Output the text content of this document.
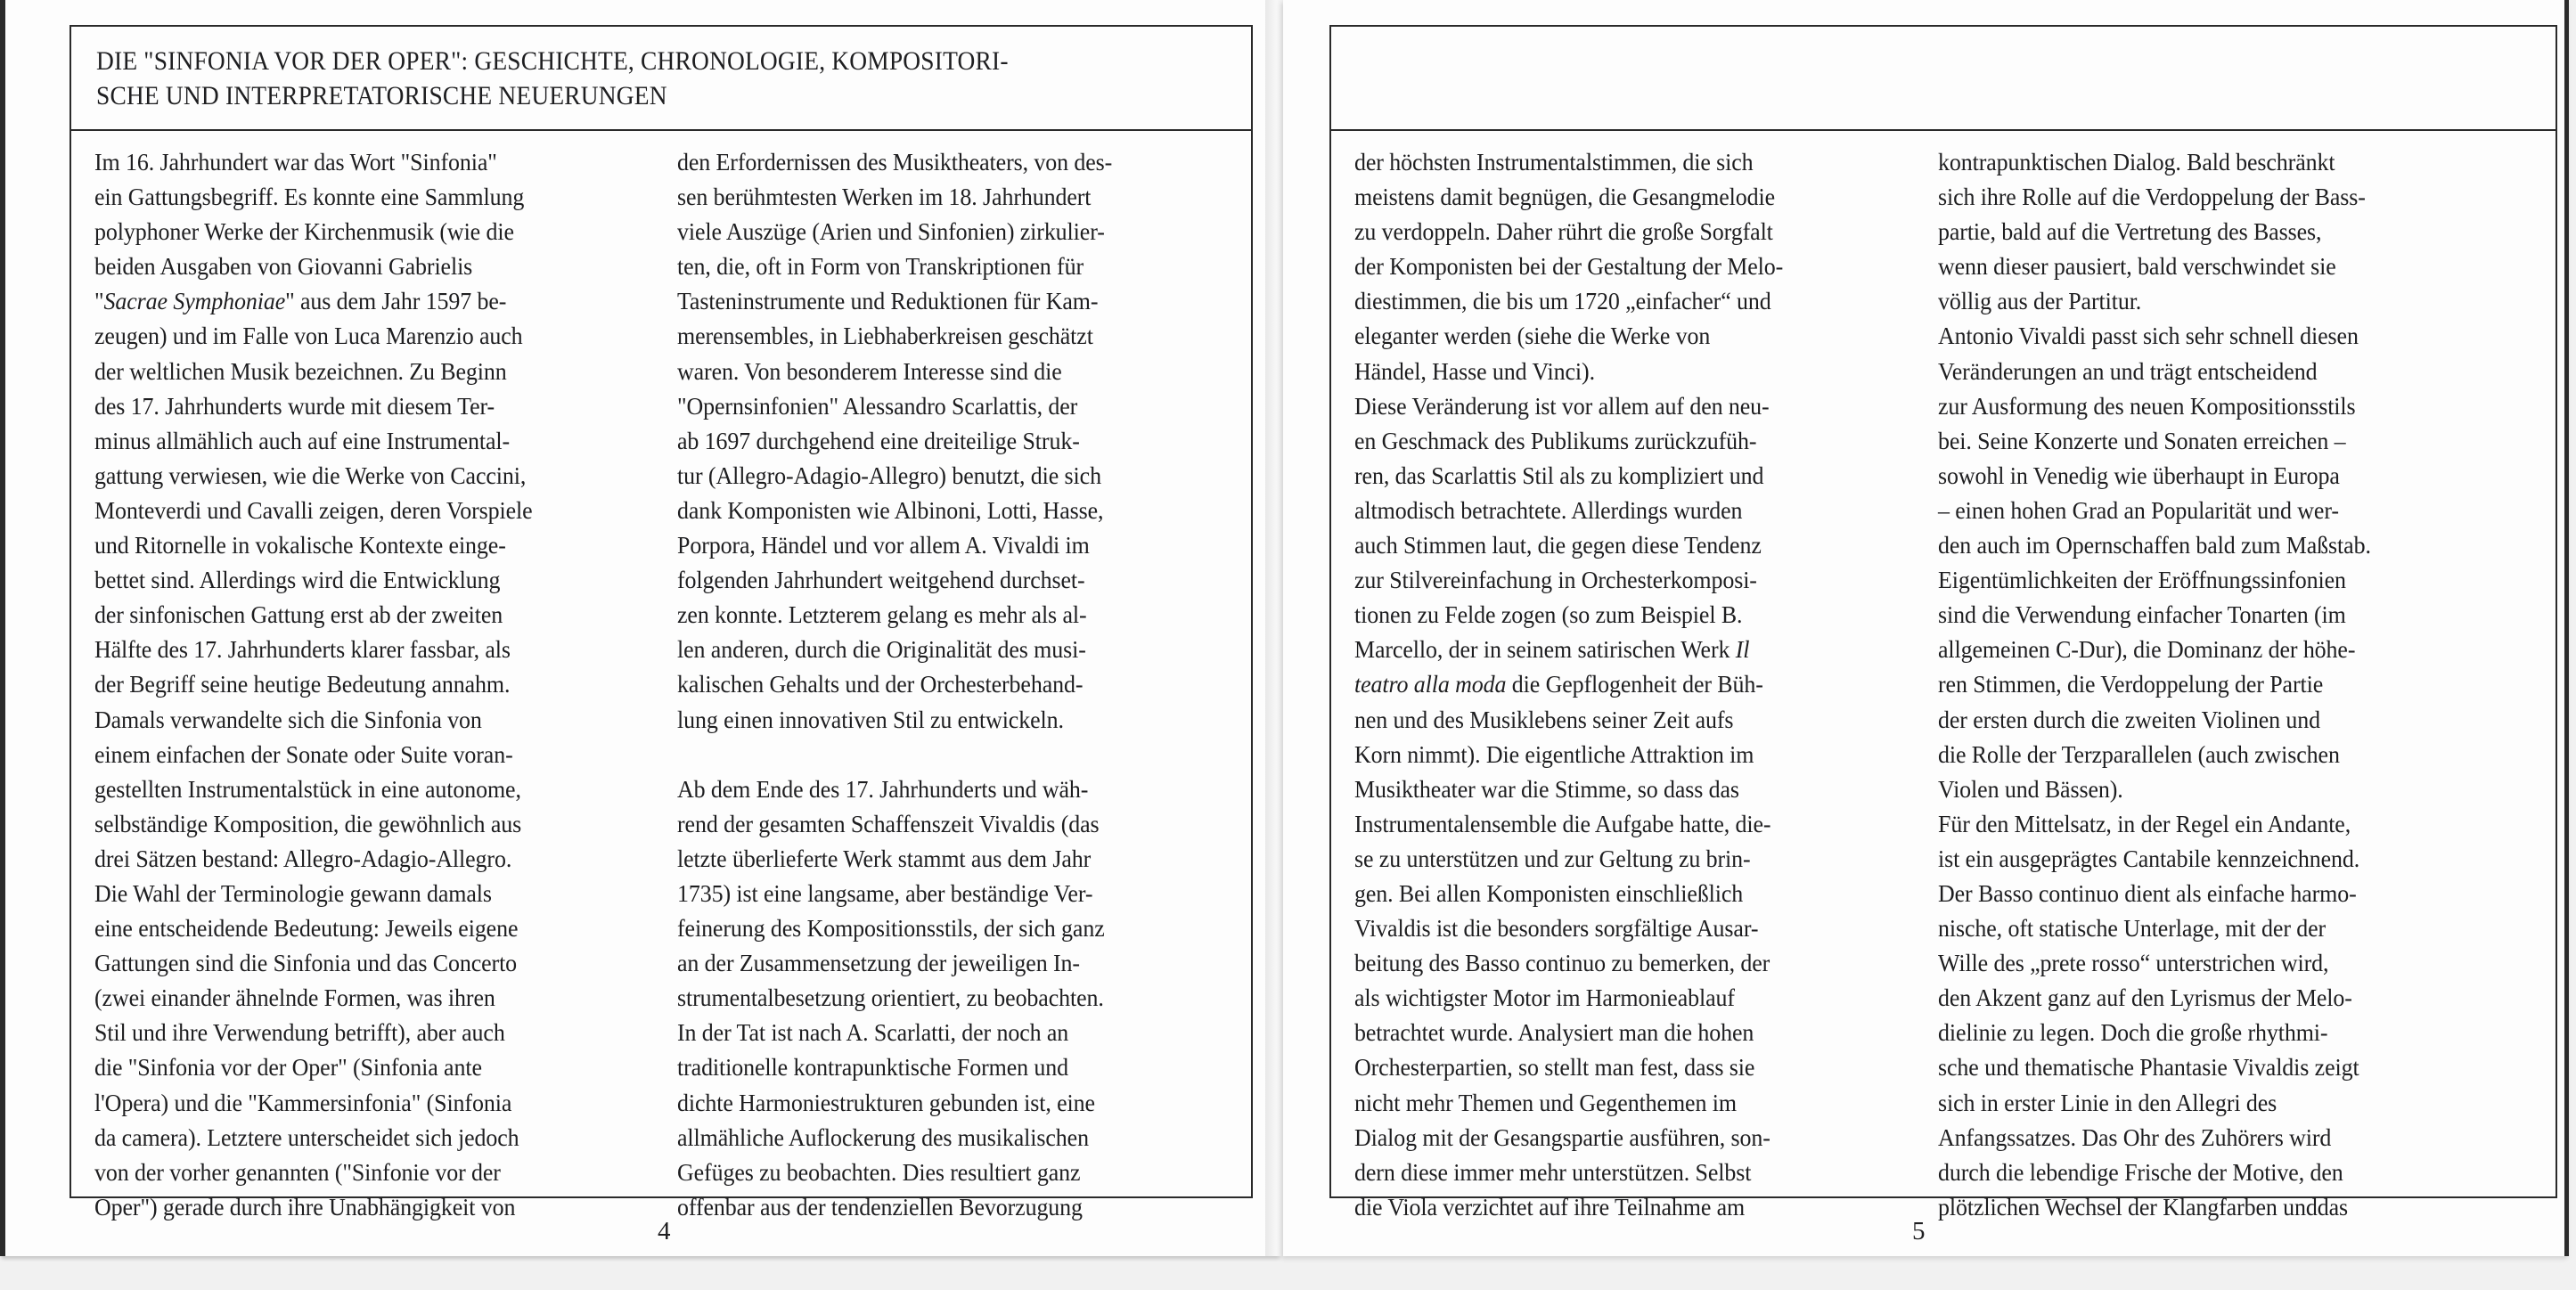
DIE "SINFONIA VOR DER OPER": GESCHICHTE, CHRONOLOGIE, KOMPOSITORI-
SCHE UND INTERPRETATORISCHE NEUERUNGEN
Im 16. Jahrhundert war das Wort "Sinfonia"
ein Gattungsbegriff. Es konnte eine Sammlung
polyphoner Werke der Kirchenmusik (wie die
beiden Ausgaben von Giovanni Gabrielis
"Sacrae Symphoniae" aus dem Jahr 1597 be-
zeugen) und im Falle von Luca Marenzio auch
der weltlichen Musik bezeichnen. Zu Beginn
des 17. Jahrhunderts wurde mit diesem Ter-
minus allmählich auch auf eine Instrumental-
gattung verwiesen, wie die Werke von Caccini,
Monteverdi und Cavalli zeigen, deren Vorspiele
und Ritornelle in vokalische Kontexte einge-
bettet sind. Allerdings wird die Entwicklung
der sinfonischen Gattung erst ab der zweiten
Hälfte des 17. Jahrhunderts klarer fassbar, als
der Begriff seine heutige Bedeutung annahm.
Damals verwandelte sich die Sinfonia von
einem einfachen der Sonate oder Suite voran-
gestellten Instrumentalstück in eine autonome,
selbständige Komposition, die gewöhnlich aus
drei Sätzen bestand: Allegro-Adagio-Allegro.
Die Wahl der Terminologie gewann damals
eine entscheidende Bedeutung: Jeweils eigene
Gattungen sind die Sinfonia und das Concerto
(zwei einander ähnelnde Formen, was ihren
Stil und ihre Verwendung betrifft), aber auch
die "Sinfonia vor der Oper" (Sinfonia ante
l'Opera) und die "Kammersinfonia" (Sinfonia
da camera). Letztere unterscheidet sich jedoch
von der vorher genannten ("Sinfonie vor der
Oper") gerade durch ihre Unabhängigkeit von
den Erfordernissen des Musiktheaters, von des-
sen berühmtesten Werken im 18. Jahrhundert
viele Auszüge (Arien und Sinfonien) zirkulier-
ten, die, oft in Form von Transkriptionen für
Tasteninstrumente und Reduktionen für Kam-
merensembles, in Liebhaberkreisen geschätzt
waren. Von besonderem Interesse sind die
"Opernsinfonien" Alessandro Scarlattis, der
ab 1697 durchgehend eine dreiteilige Struk-
tur (Allegro-Adagio-Allegro) benutzt, die sich
dank Komponisten wie Albinoni, Lotti, Hasse,
Porpora, Händel und vor allem A. Vivaldi im
folgenden Jahrhundert weitgehend durchset-
zen konnte. Letzterem gelang es mehr als al-
len anderen, durch die Originalität des musi-
kalischen Gehalts und der Orchesterbehand-
lung einen innovativen Stil zu entwickeln.
Ab dem Ende des 17. Jahrhunderts und wäh-
rend der gesamten Schaffenszeit Vivaldis (das
letzte überlieferte Werk stammt aus dem Jahr
1735) ist eine langsame, aber beständige Ver-
feinerung des Kompositionsstils, der sich ganz
an der Zusammensetzung der jeweiligen In-
strumentalbesetzung orientiert, zu beobachten.
In der Tat ist nach A. Scarlatti, der noch an
traditionelle kontrapunktische Formen und
dichte Harmoniestrukturen gebunden ist, eine
allmähliche Auflockerung des musikalischen
Gefüges zu beobachten. Dies resultiert ganz
offenbar aus der tendenziellen Bevorzugung
4
der höchsten Instrumentalstimmen, die sich
meistens damit begnügen, die Gesangmelodie
zu verdoppeln. Daher rührt die große Sorgfalt
der Komponisten bei der Gestaltung der Melo-
diestimmen, die bis um 1720 „einfacher“ und
eleganter werden (siehe die Werke von
Händel, Hasse und Vinci).
Diese Veränderung ist vor allem auf den neu-
en Geschmack des Publikums zurückzufüh-
ren, das Scarlattis Stil als zu kompliziert und
altmodisch betrachtete. Allerdings wurden
auch Stimmen laut, die gegen diese Tendenz
zur Stilvereinfachung in Orchesterkomposi-
tionen zu Felde zogen (so zum Beispiel B.
Marcello, der in seinem satirischen Werk Il
teatro alla moda die Gepflogenheit der Büh-
nen und des Musiklebens seiner Zeit aufs
Korn nimmt). Die eigentliche Attraktion im
Musiktheater war die Stimme, so dass das
Instrumentalensemble die Aufgabe hatte, die-
se zu unterstützen und zur Geltung zu brin-
gen. Bei allen Komponisten einschließlich
Vivaldis ist die besonders sorgfältige Ausar-
beitung des Basso continuo zu bemerken, der
als wichtigster Motor im Harmonieablauf
betrachtet wurde. Analysiert man die hohen
Orchesterpartien, so stellt man fest, dass sie
nicht mehr Themen und Gegenthemen im
Dialog mit der Gesangspartie ausführen, son-
dern diese immer mehr unterstützen. Selbst
die Viola verzichtet auf ihre Teilnahme am
kontrapunktischen Dialog. Bald beschränkt
sich ihre Rolle auf die Verdoppelung der Bass-
partie, bald auf die Vertretung des Basses,
wenn dieser pausiert, bald verschwindet sie
völlig aus der Partitur.
Antonio Vivaldi passt sich sehr schnell diesen
Veränderungen an und trägt entscheidend
zur Ausformung des neuen Kompositionsstils
bei. Seine Konzerte und Sonaten erreichen –
sowohl in Venedig wie überhaupt in Europa
– einen hohen Grad an Popularität und wer-
den auch im Opernschaffen bald zum Maßstab.
Eigentümlichkeiten der Eröffnungssinfonien
sind die Verwendung einfacher Tonarten (im
allgemeinen C-Dur), die Dominanz der höhe-
ren Stimmen, die Verdoppelung der Partie
der ersten durch die zweiten Violinen und
die Rolle der Terzparallelen (auch zwischen
Violen und Bässen).
Für den Mittelsatz, in der Regel ein Andante,
ist ein ausgeprägtes Cantabile kennzeichnend.
Der Basso continuo dient als einfache harmo-
nische, oft statische Unterlage, mit der der
Wille des „prete rosso“ unterstrichen wird,
den Akzent ganz auf den Lyrismus der Melo-
dielinie zu legen. Doch die große rhythmi-
sche und thematische Phantasie Vivaldis zeigt
sich in erster Linie in den Allegri des
Anfangssatzes. Das Ohr des Zuhörers wird
durch die lebendige Frische der Motive, den
plötzlichen Wechsel der Klangfarben unddas
5
